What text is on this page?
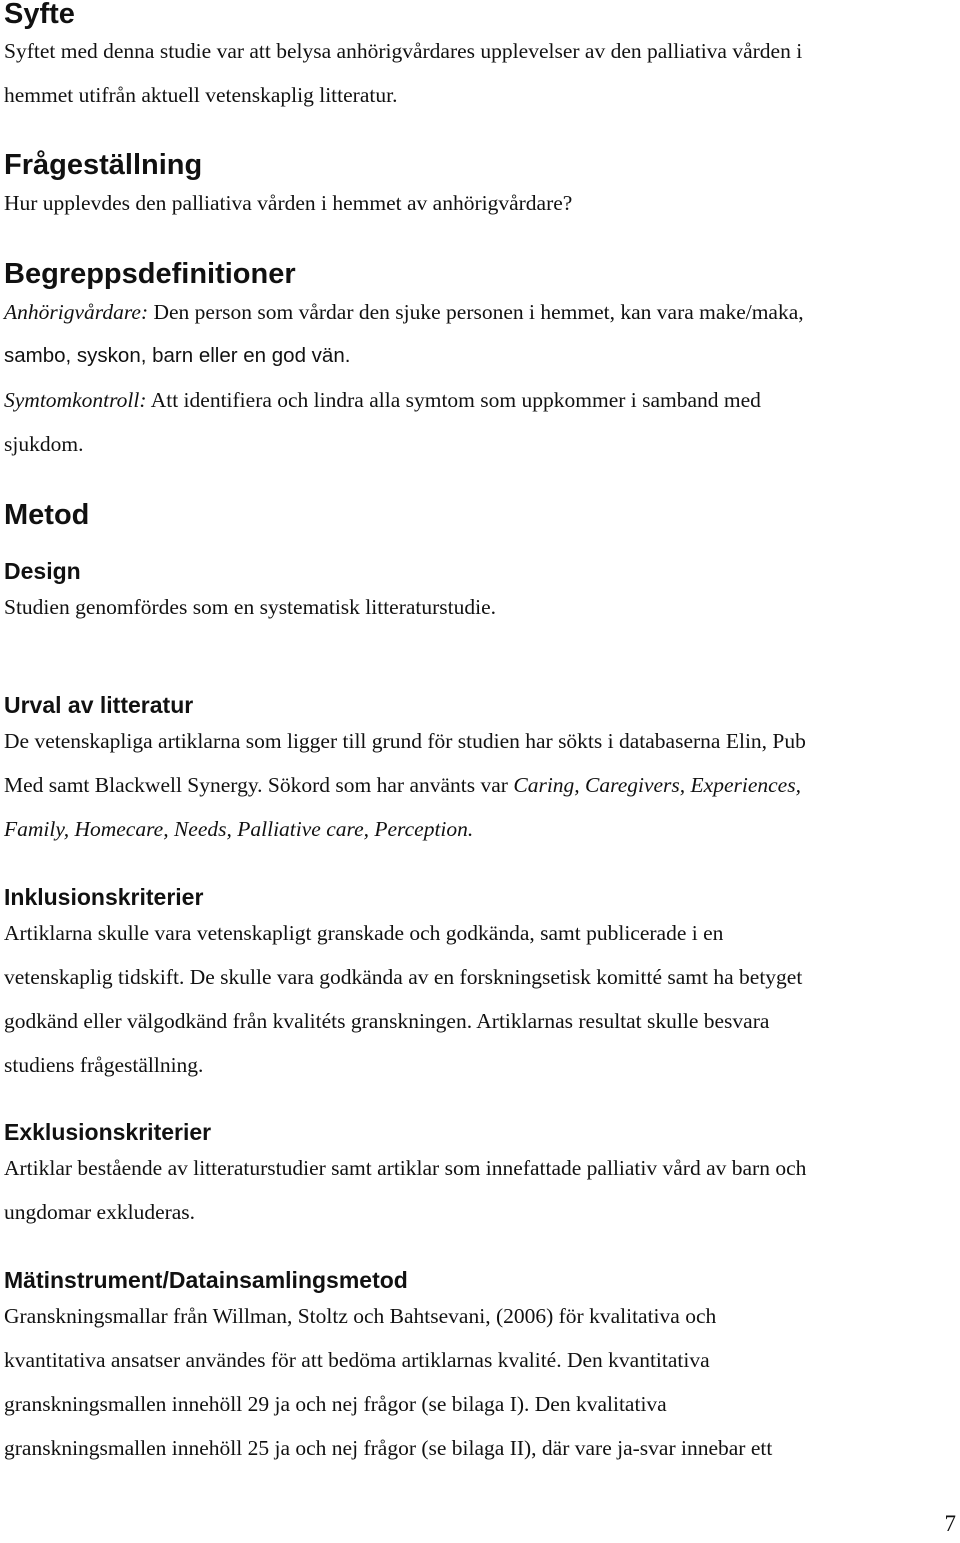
Syfte
Syftet med denna studie var att belysa anhörigvårdares upplevelser av den palliativa vården i
hemmet utifrån aktuell vetenskaplig litteratur.
Frågeställning
Hur upplevdes den palliativa vården i hemmet av anhörigvårdare?
Begreppsdefinitioner
Anhörigvårdare: Den person som vårdar den sjuke personen i hemmet, kan vara make/maka,
sambo, syskon, barn eller en god vän.
Symtomkontroll: Att identifiera och lindra alla symtom som uppkommer i samband med
sjukdom.
Metod
Design
Studien genomfördes som en systematisk litteraturstudie.
Urval av litteratur
De vetenskapliga artiklarna som ligger till grund för studien har sökts i databaserna Elin, Pub
Med samt Blackwell Synergy. Sökord som har använts var Caring, Caregivers, Experiences,
Family, Homecare, Needs, Palliative care, Perception.
Inklusionskriterier
Artiklarna skulle vara vetenskapligt granskade och godkända, samt publicerade i en
vetenskaplig tidskift. De skulle vara godkända av en forskningsetisk komitté samt ha betyget
godkänd eller välgodkänd från kvalitéts granskningen. Artiklarnas resultat skulle besvara
studiens frågeställning.
Exklusionskriterier
Artiklar bestående av litteraturstudier samt artiklar som innefattade palliativ vård av barn och
ungdomar exkluderas.
Mätinstrument/Datainsamlingsmetod
Granskningsmallar från Willman, Stoltz och Bahtsevani, (2006) för kvalitativa och
kvantitativa ansatser användes för att bedöma artiklarnas kvalité. Den kvantitativa
granskningsmallen innehöll 29 ja och nej frågor (se bilaga I). Den kvalitativa
granskningsmallen innehöll 25 ja och nej frågor (se bilaga II), där vare ja-svar innebar ett
7
